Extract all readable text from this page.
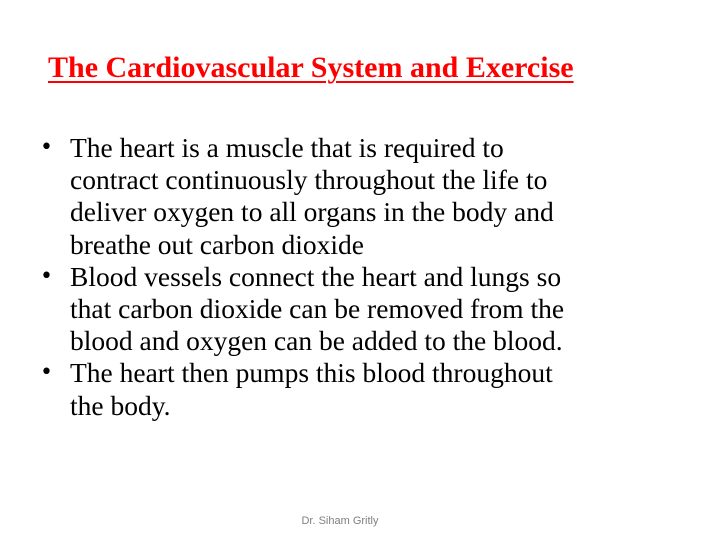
The Cardiovascular System and Exercise
• The heart is a muscle that is required to
contract continuously throughout the life to
deliver oxygen to all organs in the body and
breathe out carbon dioxide
• Blood vessels connect the heart and lungs so
that carbon dioxide can be removed from the
blood and oxygen can be added to the blood.
• The heart then pumps this blood throughout
the body.
Dr. Siham Gritly
